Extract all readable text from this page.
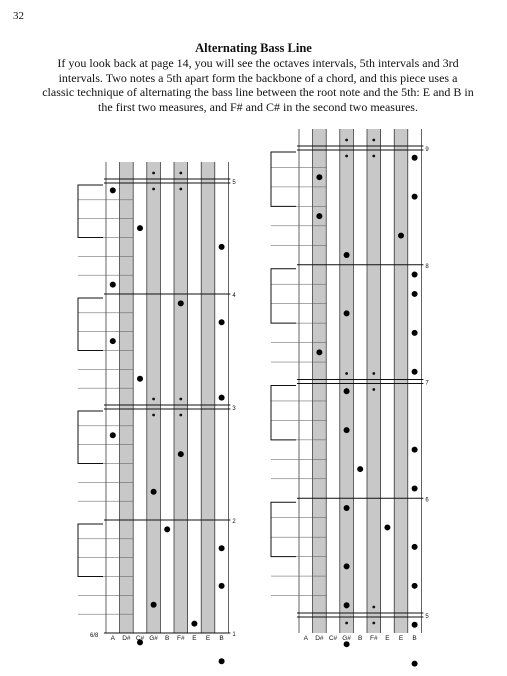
32
Alternating Bass Line
If you look back at page 14, you will see the octaves intervals, 5th intervals and 3rd intervals. Two notes a 5th apart form the backbone of a chord, and this piece uses a classic technique of alternating the bass line between the root note and the 5th: E and B in the first two measures, and F# and C# in the second two measures.
5
4
3
2
1
A D# C# G# B F# E E B
6/8
9
8
7
6
5
A D# C# G# B F# E E B
